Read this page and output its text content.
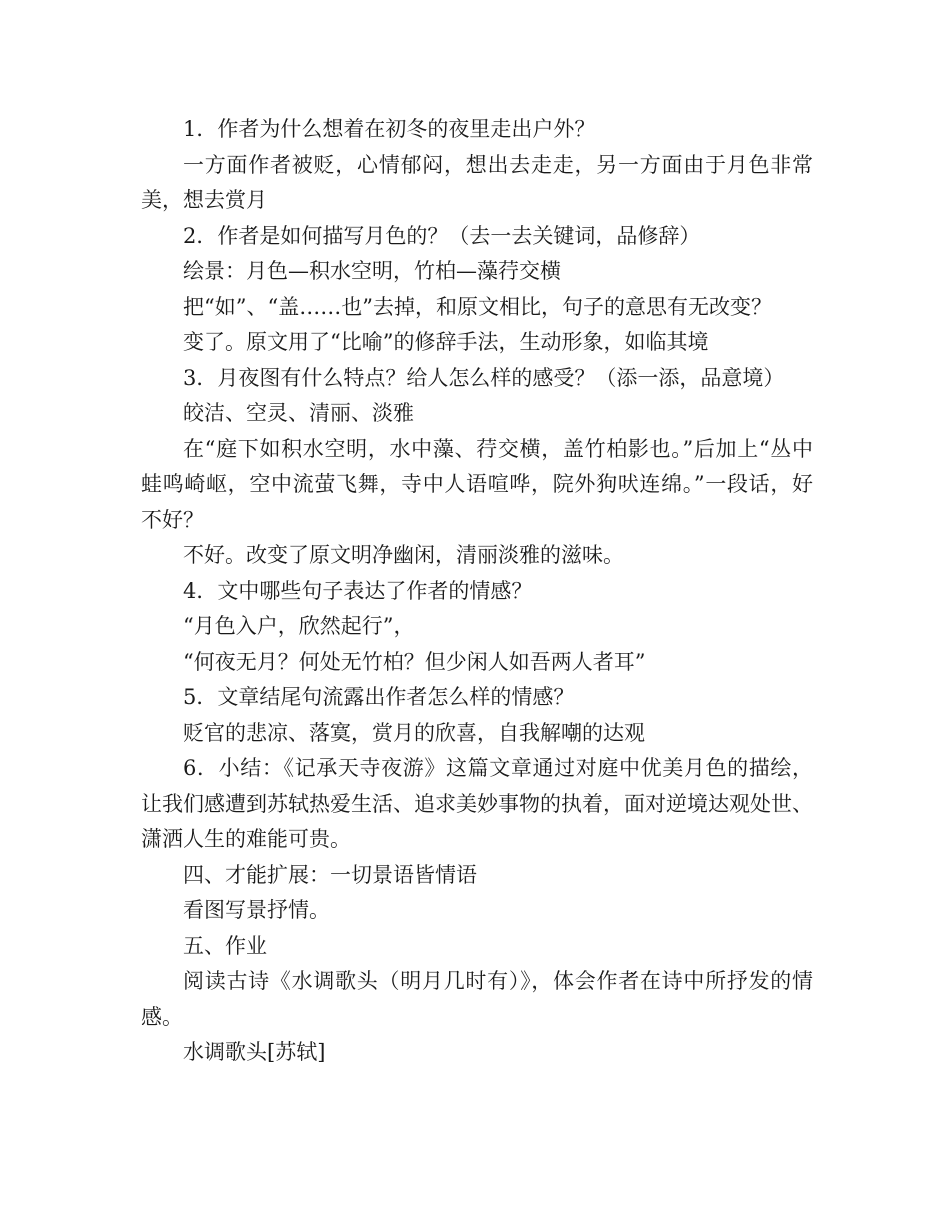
1．作者为什么想着在初冬的夜里走出户外？

一方面作者被贬，心情郁闷，想出去走走，另一方面由于月色非常美，想去赏月

2．作者是如何描写月色的？（去一去关键词，品修辞）

绘景：月色—积水空明，竹柏—藻荇交横

把“如”、“盖……也”去掉，和原文相比，句子的意思有无改变？

变了。原文用了“比喻”的修辞手法，生动形象，如临其境

3．月夜图有什么特点？给人怎么样的感受？（添一添，品意境）

皎洁、空灵、清丽、淡雅

在“庭下如积水空明，水中藻、荇交横，盖竹柏影也。”后加上“丛中蛙鸣崎岖，空中流萤飞舞，寺中人语喧哗，院外狗吠连绵。”一段话，好不好？

不好。改变了原文明净幽闲，清丽淡雅的滋味。

4．文中哪些句子表达了作者的情感？

“月色入户，欣然起行”，

“何夜无月？何处无竹柏？但少闲人如吾两人者耳”

5．文章结尾句流露出作者怎么样的情感？

贬官的悲凉、落寞，赏月的欣喜，自我解嘲的达观

6．小结：《记承天寺夜游》这篇文章通过对庭中优美月色的描绘，让我们感遭到苏轼热爱生活、追求美妙事物的执着，面对逆境达观处世、潇洒人生的难能可贵。

四、才能扩展：一切景语皆情语

看图写景抒情。

五、作业

阅读古诗《水调歌头（明月几时有）》，体会作者在诗中所抒发的情感。

水调歌头[苏轼]
